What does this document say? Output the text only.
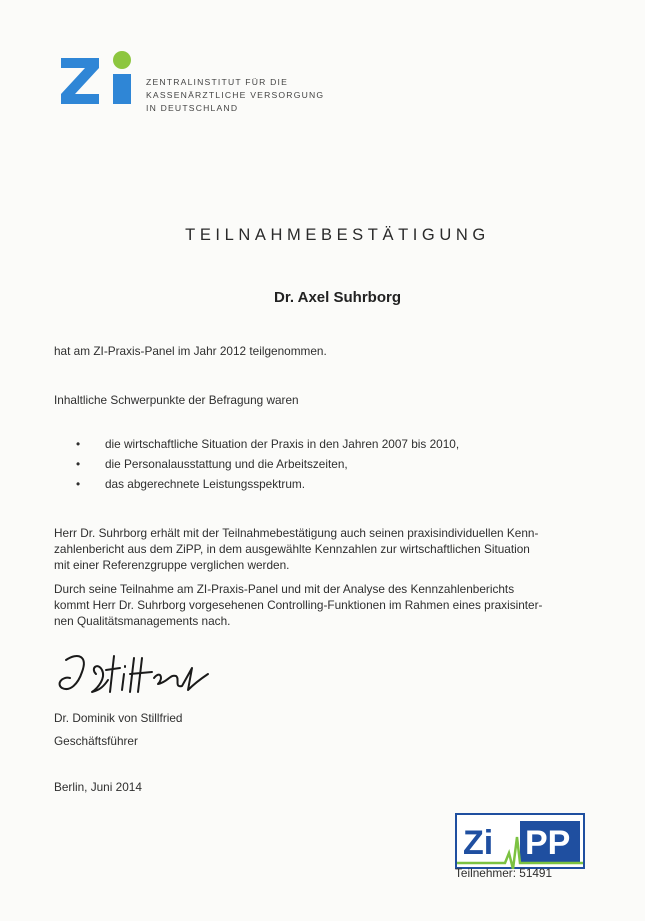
ZENTRALINSTITUT FÜR DIE
KASSENÄRZTLICHE VERSORGUNG
IN DEUTSCHLAND
TEILNAHMEBESTÄTIGUNG
Dr. Axel Suhrborg
hat am ZI-Praxis-Panel im Jahr 2012 teilgenommen.
Inhaltliche Schwerpunkte der Befragung waren
• die wirtschaftliche Situation der Praxis in den Jahren 2007 bis 2010,
• die Personalausstattung und die Arbeitszeiten,
• das abgerechnete Leistungsspektrum.
Herr Dr. Suhrborg erhält mit der Teilnahmebestätigung auch seinen praxisindividuellen Kenn-
zahlenbericht aus dem ZiPP, in dem ausgewählte Kennzahlen zur wirtschaftlichen Situation
mit einer Referenzgruppe verglichen werden.
Durch seine Teilnahme am ZI-Praxis-Panel und mit der Analyse des Kennzahlenberichts
kommt Herr Dr. Suhrborg vorgesehenen Controlling-Funktionen im Rahmen eines praxisinter-
nen Qualitätsmanagements nach.
Dr. Dominik von Stillfried
Geschäftsführer
Berlin, Juni 2014
Zi PP
Teilnehmer: 51491
